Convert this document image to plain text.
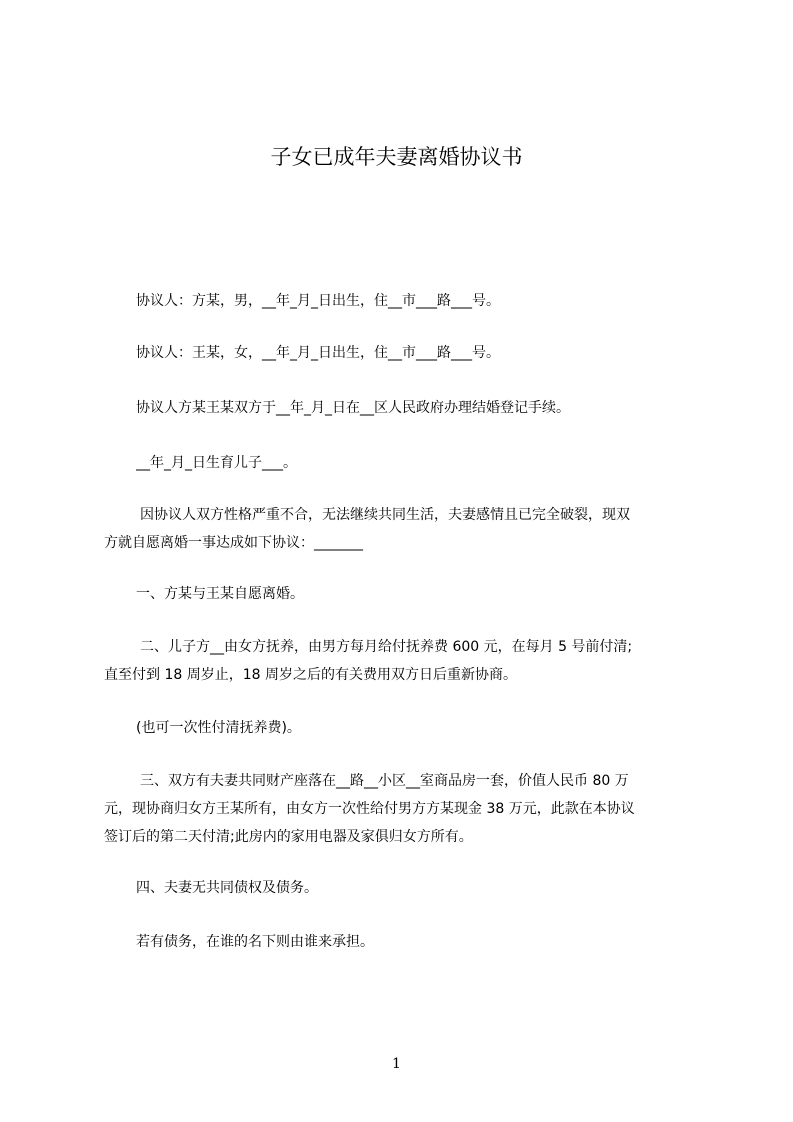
子女已成年夫妻离婚协议书
协议人：方某，男，__年_月_日出生，住__市___路___号。
协议人：王某，女，__年_月_日出生，住__市___路___号。
协议人方某王某双方于__年_月_日在__区人民政府办理结婚登记手续。
__年_月_日生育儿子___。
因协议人双方性格严重不合，无法继续共同生活，夫妻感情且已完全破裂，现双
方就自愿离婚一事达成如下协议：_______
一、方某与王某自愿离婚。
二、儿子方__由女方抚养，由男方每月给付抚养费 600 元，在每月 5 号前付清;
直至付到 18 周岁止，18 周岁之后的有关费用双方日后重新协商。
(也可一次性付清抚养费)。
三、双方有夫妻共同财产座落在__路__小区__室商品房一套，价值人民币 80 万
元，现协商归女方王某所有，由女方一次性给付男方方某现金 38 万元，此款在本协议
签订后的第二天付清;此房内的家用电器及家俱归女方所有。
四、夫妻无共同债权及债务。
若有债务，在谁的名下则由谁来承担。
1
